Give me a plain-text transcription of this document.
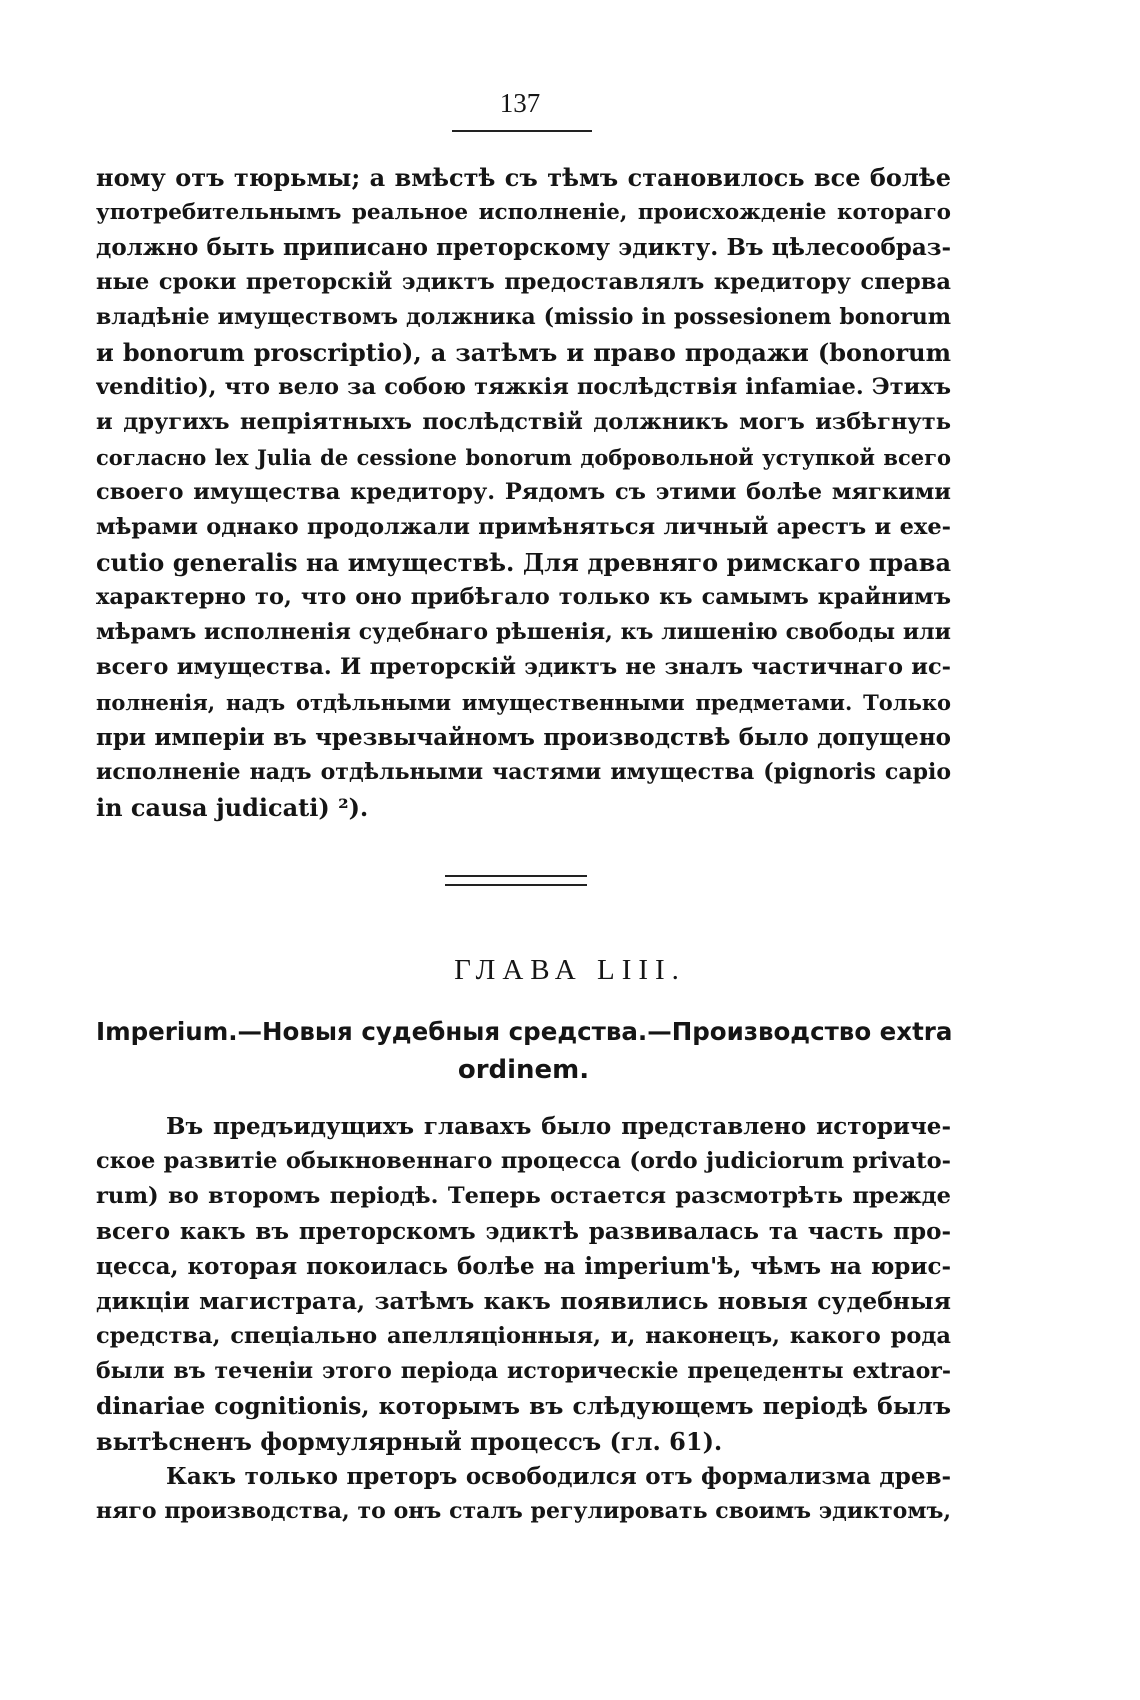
137
ному отъ тюрьмы; а вмѣстѣ съ тѣмъ становилось все болѣе
употребительнымъ реальное исполненіе, происхожденіе котораго
должно быть приписано преторскому эдикту. Въ цѣлесообраз-
ные сроки преторскій эдиктъ предоставлялъ кредитору сперва
владѣніе имуществомъ должника (missio in possesionem bonorum
и bonorum proscriptio), а затѣмъ и право продажи (bonorum
venditio), что вело за собою тяжкія послѣдствія infamiae. Этихъ
и другихъ непріятныхъ послѣдствій должникъ могъ избѣгнуть
согласно lex Julia de cessione bonorum добровольной уступкой всего
своего имущества кредитору. Рядомъ съ этими болѣе мягкими
мѣрами однако продолжали примѣняться личный арестъ и exe-
cutio generalis на имуществѣ. Для древняго римскаго права
характерно то, что оно прибѣгало только къ самымъ крайнимъ
мѣрамъ исполненія судебнаго рѣшенія, къ лишенію свободы или
всего имущества. И преторскій эдиктъ не зналъ частичнаго ис-
полненія, надъ отдѣльными имущественными предметами. Только
при имперіи въ чрезвычайномъ производствѣ было допущено
исполненіе надъ отдѣльными частями имущества (pignoris capio
in causa judicati) ²).
ГЛАВА LIII.
Imperium.—Новыя судебныя средства.—Производство extra
ordinem.
Въ предъидущихъ главахъ было представлено историче-
ское развитіе обыкновеннаго процесса (ordo judiciorum privato-
rum) во второмъ періодѣ. Теперь остается разсмотрѣть прежде
всего какъ въ преторскомъ эдиктѣ развивалась та часть про-
цесса, которая покоилась болѣе на imperium'ѣ, чѣмъ на юрис-
дикціи магистрата, затѣмъ какъ появились новыя судебныя
средства, спеціально апелляціонныя, и, наконецъ, какого рода
были въ теченіи этого періода историческіе прецеденты extraor-
dinariae cognitionis, которымъ въ слѣдующемъ періодѣ былъ
вытѣсненъ формулярный процессъ (гл. 61).
Какъ только преторъ освободился отъ формализма древ-
няго производства, то онъ сталъ регулировать своимъ эдиктомъ,
